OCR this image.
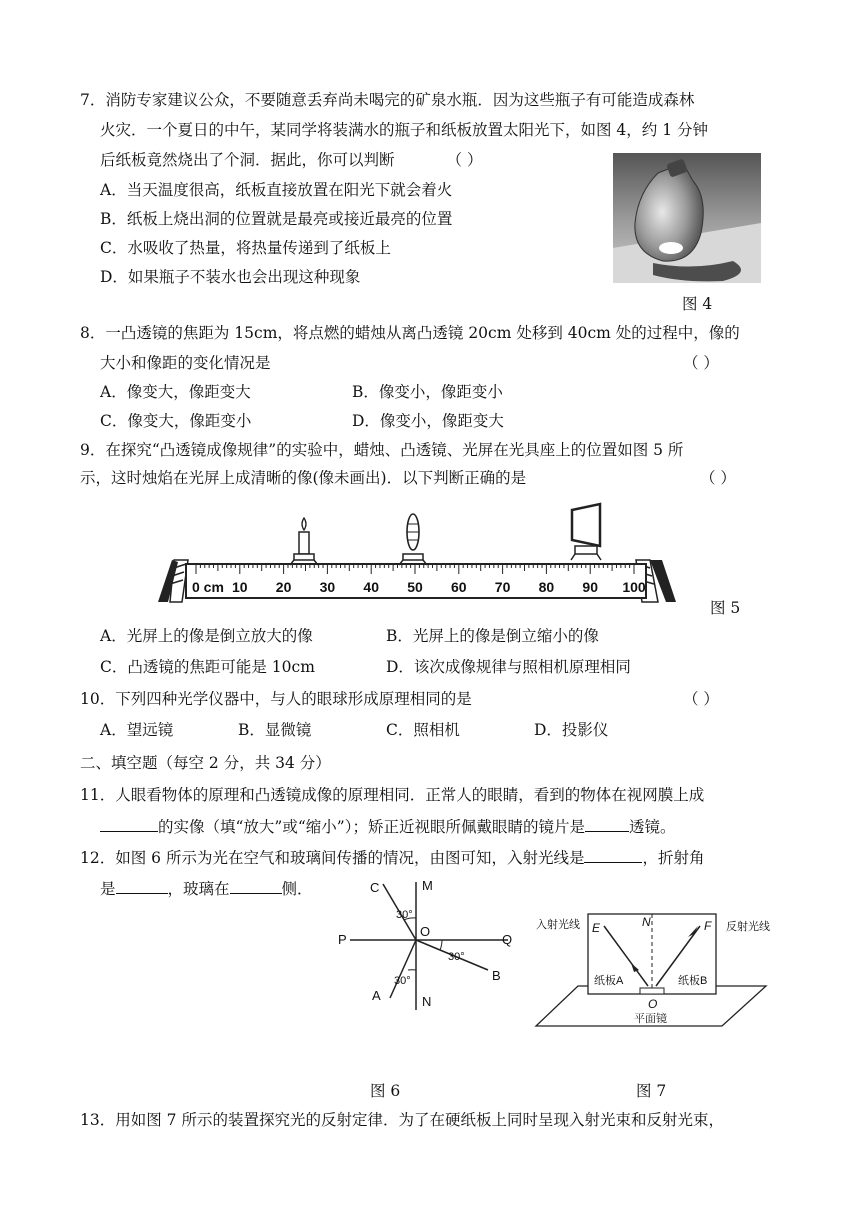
7．消防专家建议公众，不要随意丢弃尚未喝完的矿泉水瓶．因为这些瓶子有可能造成森林
火灾．一个夏日的中午，某同学将装满水的瓶子和纸板放置太阳光下，如图 4，约 1 分钟
后纸板竟然烧出了个洞．据此，你可以判断	（ ）
A．当天温度很高，纸板直接放置在阳光下就会着火
B．纸板上烧出洞的位置就是最亮或接近最亮的位置
C．水吸收了热量，将热量传递到了纸板上
D．如果瓶子不装水也会出现这种现象
图 4
8．一凸透镜的焦距为 15cm，将点燃的蜡烛从离凸透镜 20cm 处移到 40cm 处的过程中，像的
大小和像距的变化情况是	（ ）
A．像变大，像距变大	B．像变小，像距变小
C．像变大，像距变小	D．像变小，像距变大
9．在探究“凸透镜成像规律”的实验中，蜡烛、凸透镜、光屏在光具座上的位置如图 5 所
示，这时烛焰在光屏上成清晰的像(像未画出)．以下判断正确的是	（ ）
0 cm 10 20 30 40 50 60 70 80 90 100
图 5
A．光屏上的像是倒立放大的像	B．光屏上的像是倒立缩小的像
C．凸透镜的焦距可能是 10cm	D．该次成像规律与照相机原理相同
10．下列四种光学仪器中，与人的眼球形成原理相同的是	（ ）
A．望远镜	B．显微镜	C．照相机	D．投影仪
二、填空题（每空 2 分，共 34 分）
11．人眼看物体的原理和凸透镜成像的原理相同．正常人的眼睛，看到的物体在视网膜上成
的实像（填“放大”或“缩小”）；矫正近视眼所佩戴眼睛的镜片是	透镜。
12．如图 6 所示为光在空气和玻璃间传播的情况，由图可知，入射光线是	，折射角
是	，玻璃在	侧．	C	M
P
O
Q
B
A	N
30°
30°
30°
入射光线 E	N	F 反射光线
纸板A	纸板B
O
平面镜
图 6	图 7
13．用如图 7 所示的装置探究光的反射定律．为了在硬纸板上同时呈现入射光束和反射光束，
